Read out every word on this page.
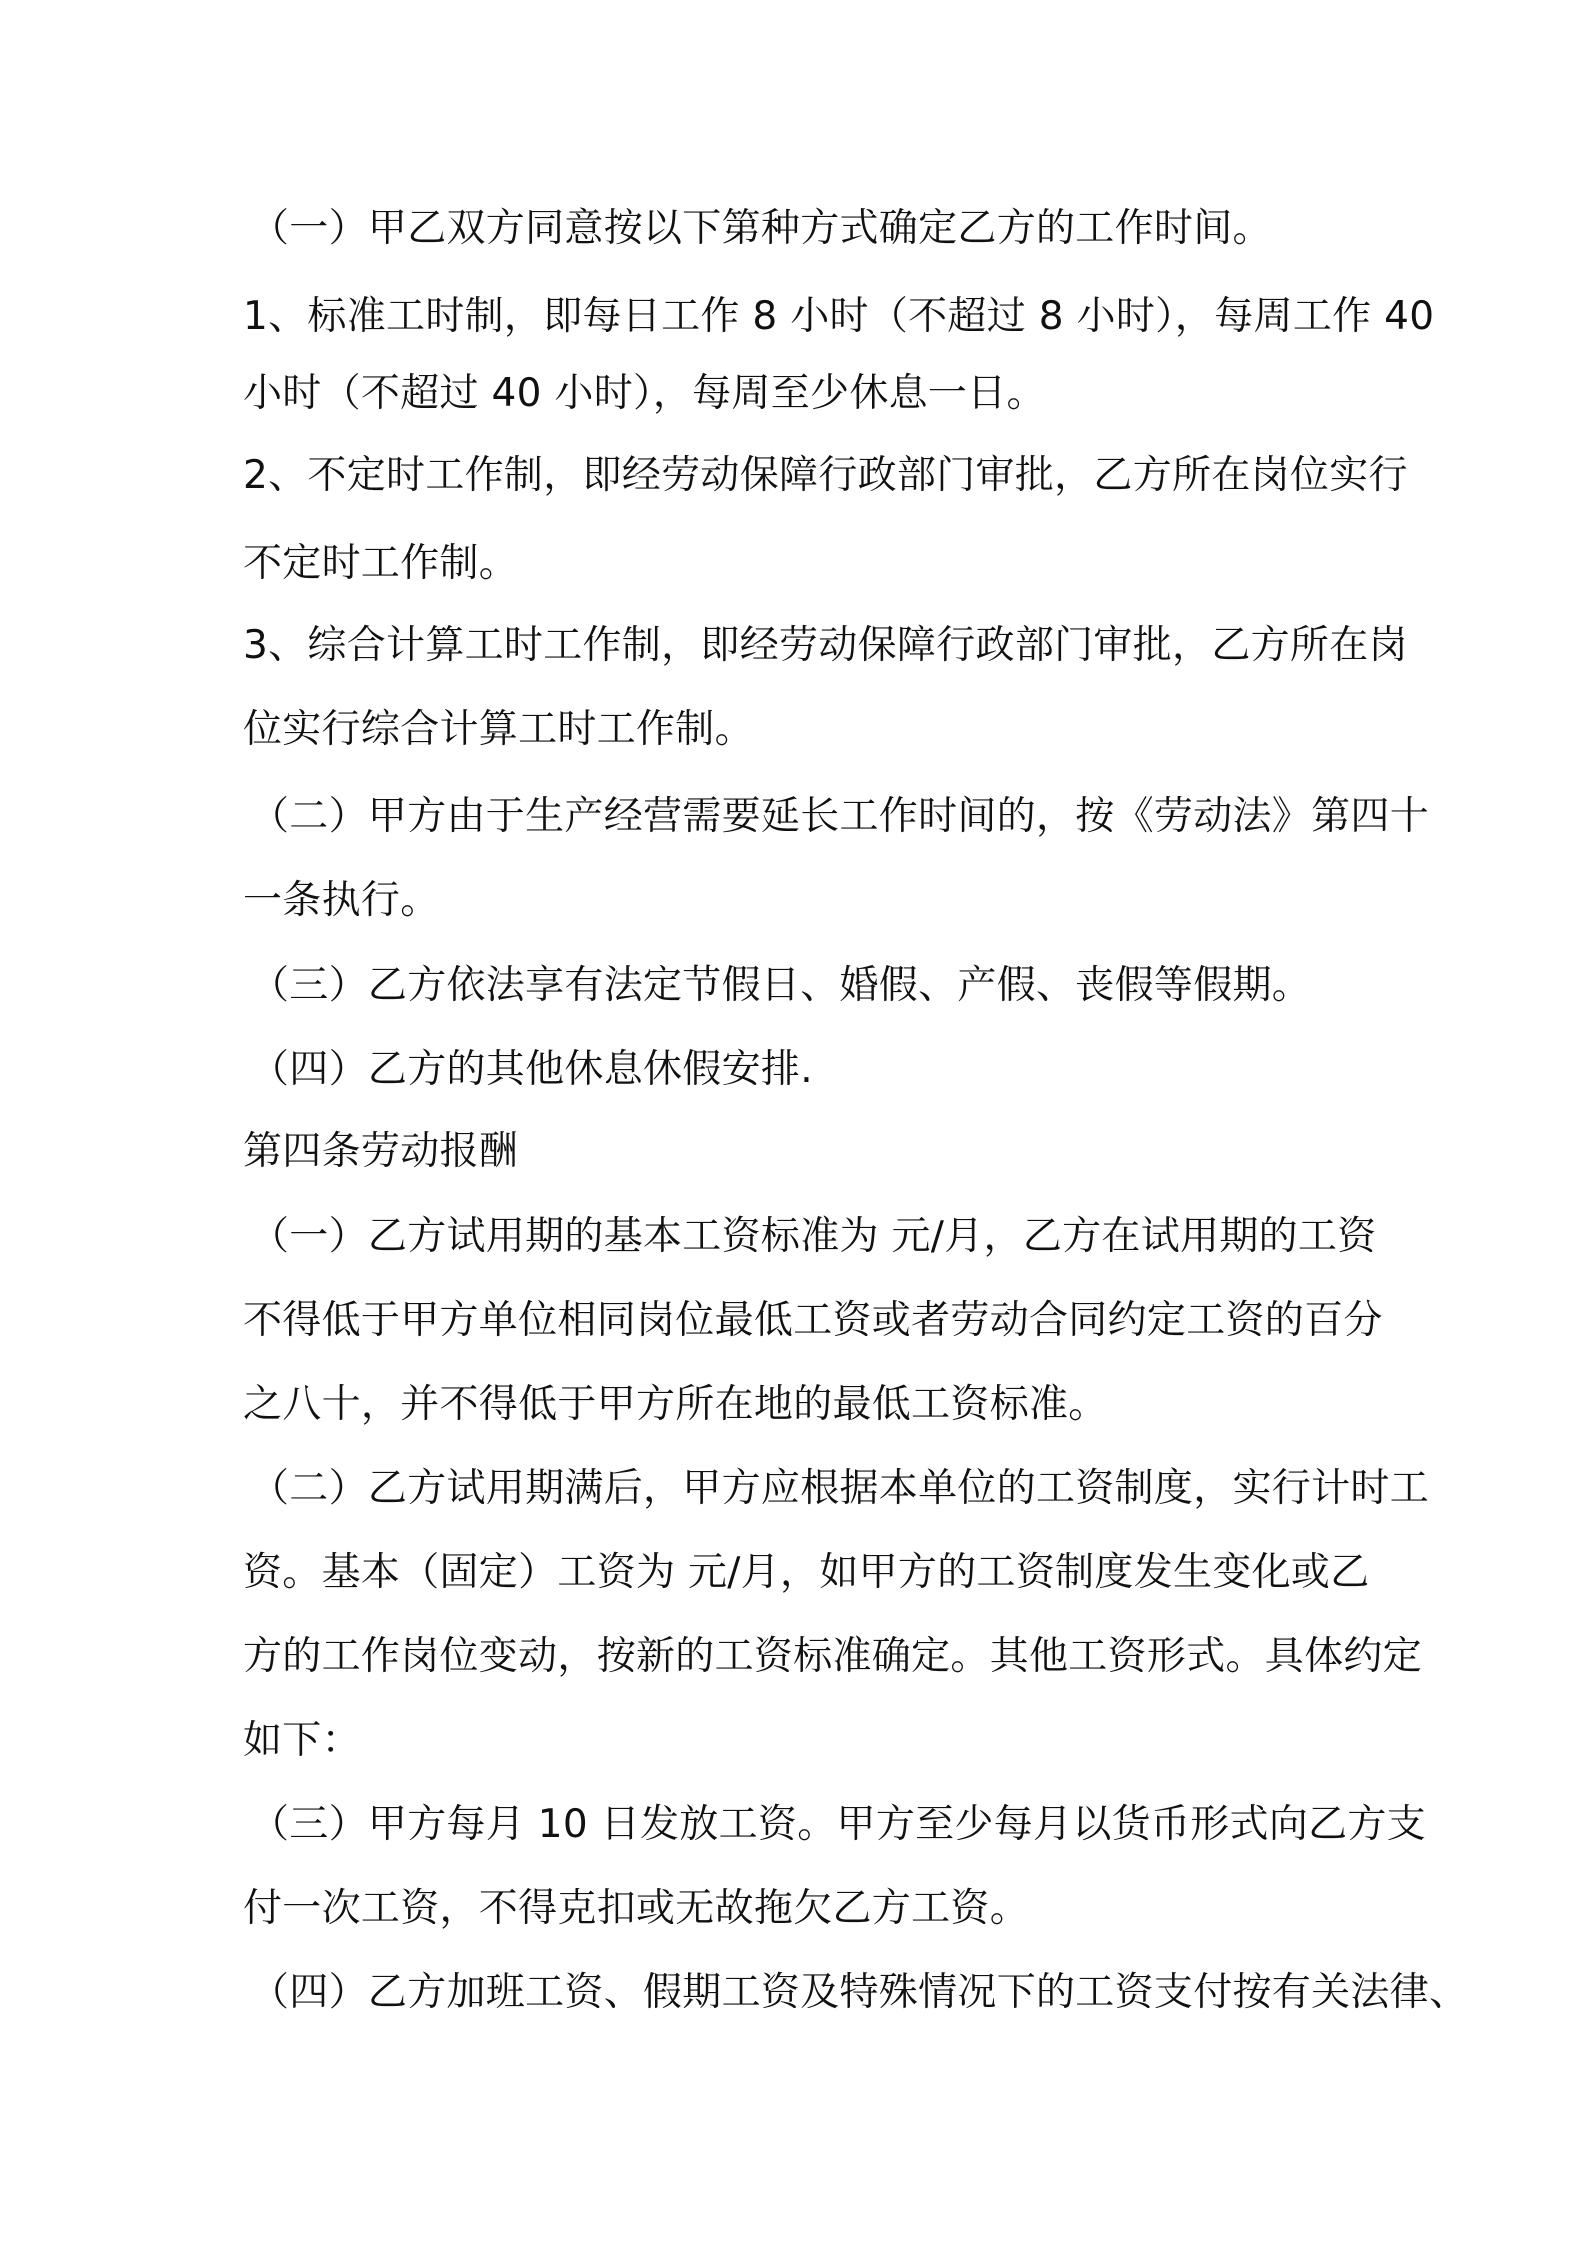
（一）甲乙双方同意按以下第种方式确定乙方的工作时间。
1、标准工时制，即每日工作 8 小时（不超过 8 小时），每周工作 40
小时（不超过 40 小时），每周至少休息一日。
2、不定时工作制，即经劳动保障行政部门审批，乙方所在岗位实行
不定时工作制。
3、综合计算工时工作制，即经劳动保障行政部门审批，乙方所在岗
位实行综合计算工时工作制。
（二）甲方由于生产经营需要延长工作时间的，按《劳动法》第四十
一条执行。
（三）乙方依法享有法定节假日、婚假、产假、丧假等假期。
（四）乙方的其他休息休假安排.
第四条劳动报酬
（一）乙方试用期的基本工资标准为 元/月，乙方在试用期的工资
不得低于甲方单位相同岗位最低工资或者劳动合同约定工资的百分
之八十，并不得低于甲方所在地的最低工资标准。
（二）乙方试用期满后，甲方应根据本单位的工资制度，实行计时工
资。基本（固定）工资为 元/月，如甲方的工资制度发生变化或乙
方的工作岗位变动，按新的工资标准确定。其他工资形式。具体约定
如下：
（三）甲方每月 10 日发放工资。甲方至少每月以货币形式向乙方支
付一次工资，不得克扣或无故拖欠乙方工资。
（四）乙方加班工资、假期工资及特殊情况下的工资支付按有关法律、
